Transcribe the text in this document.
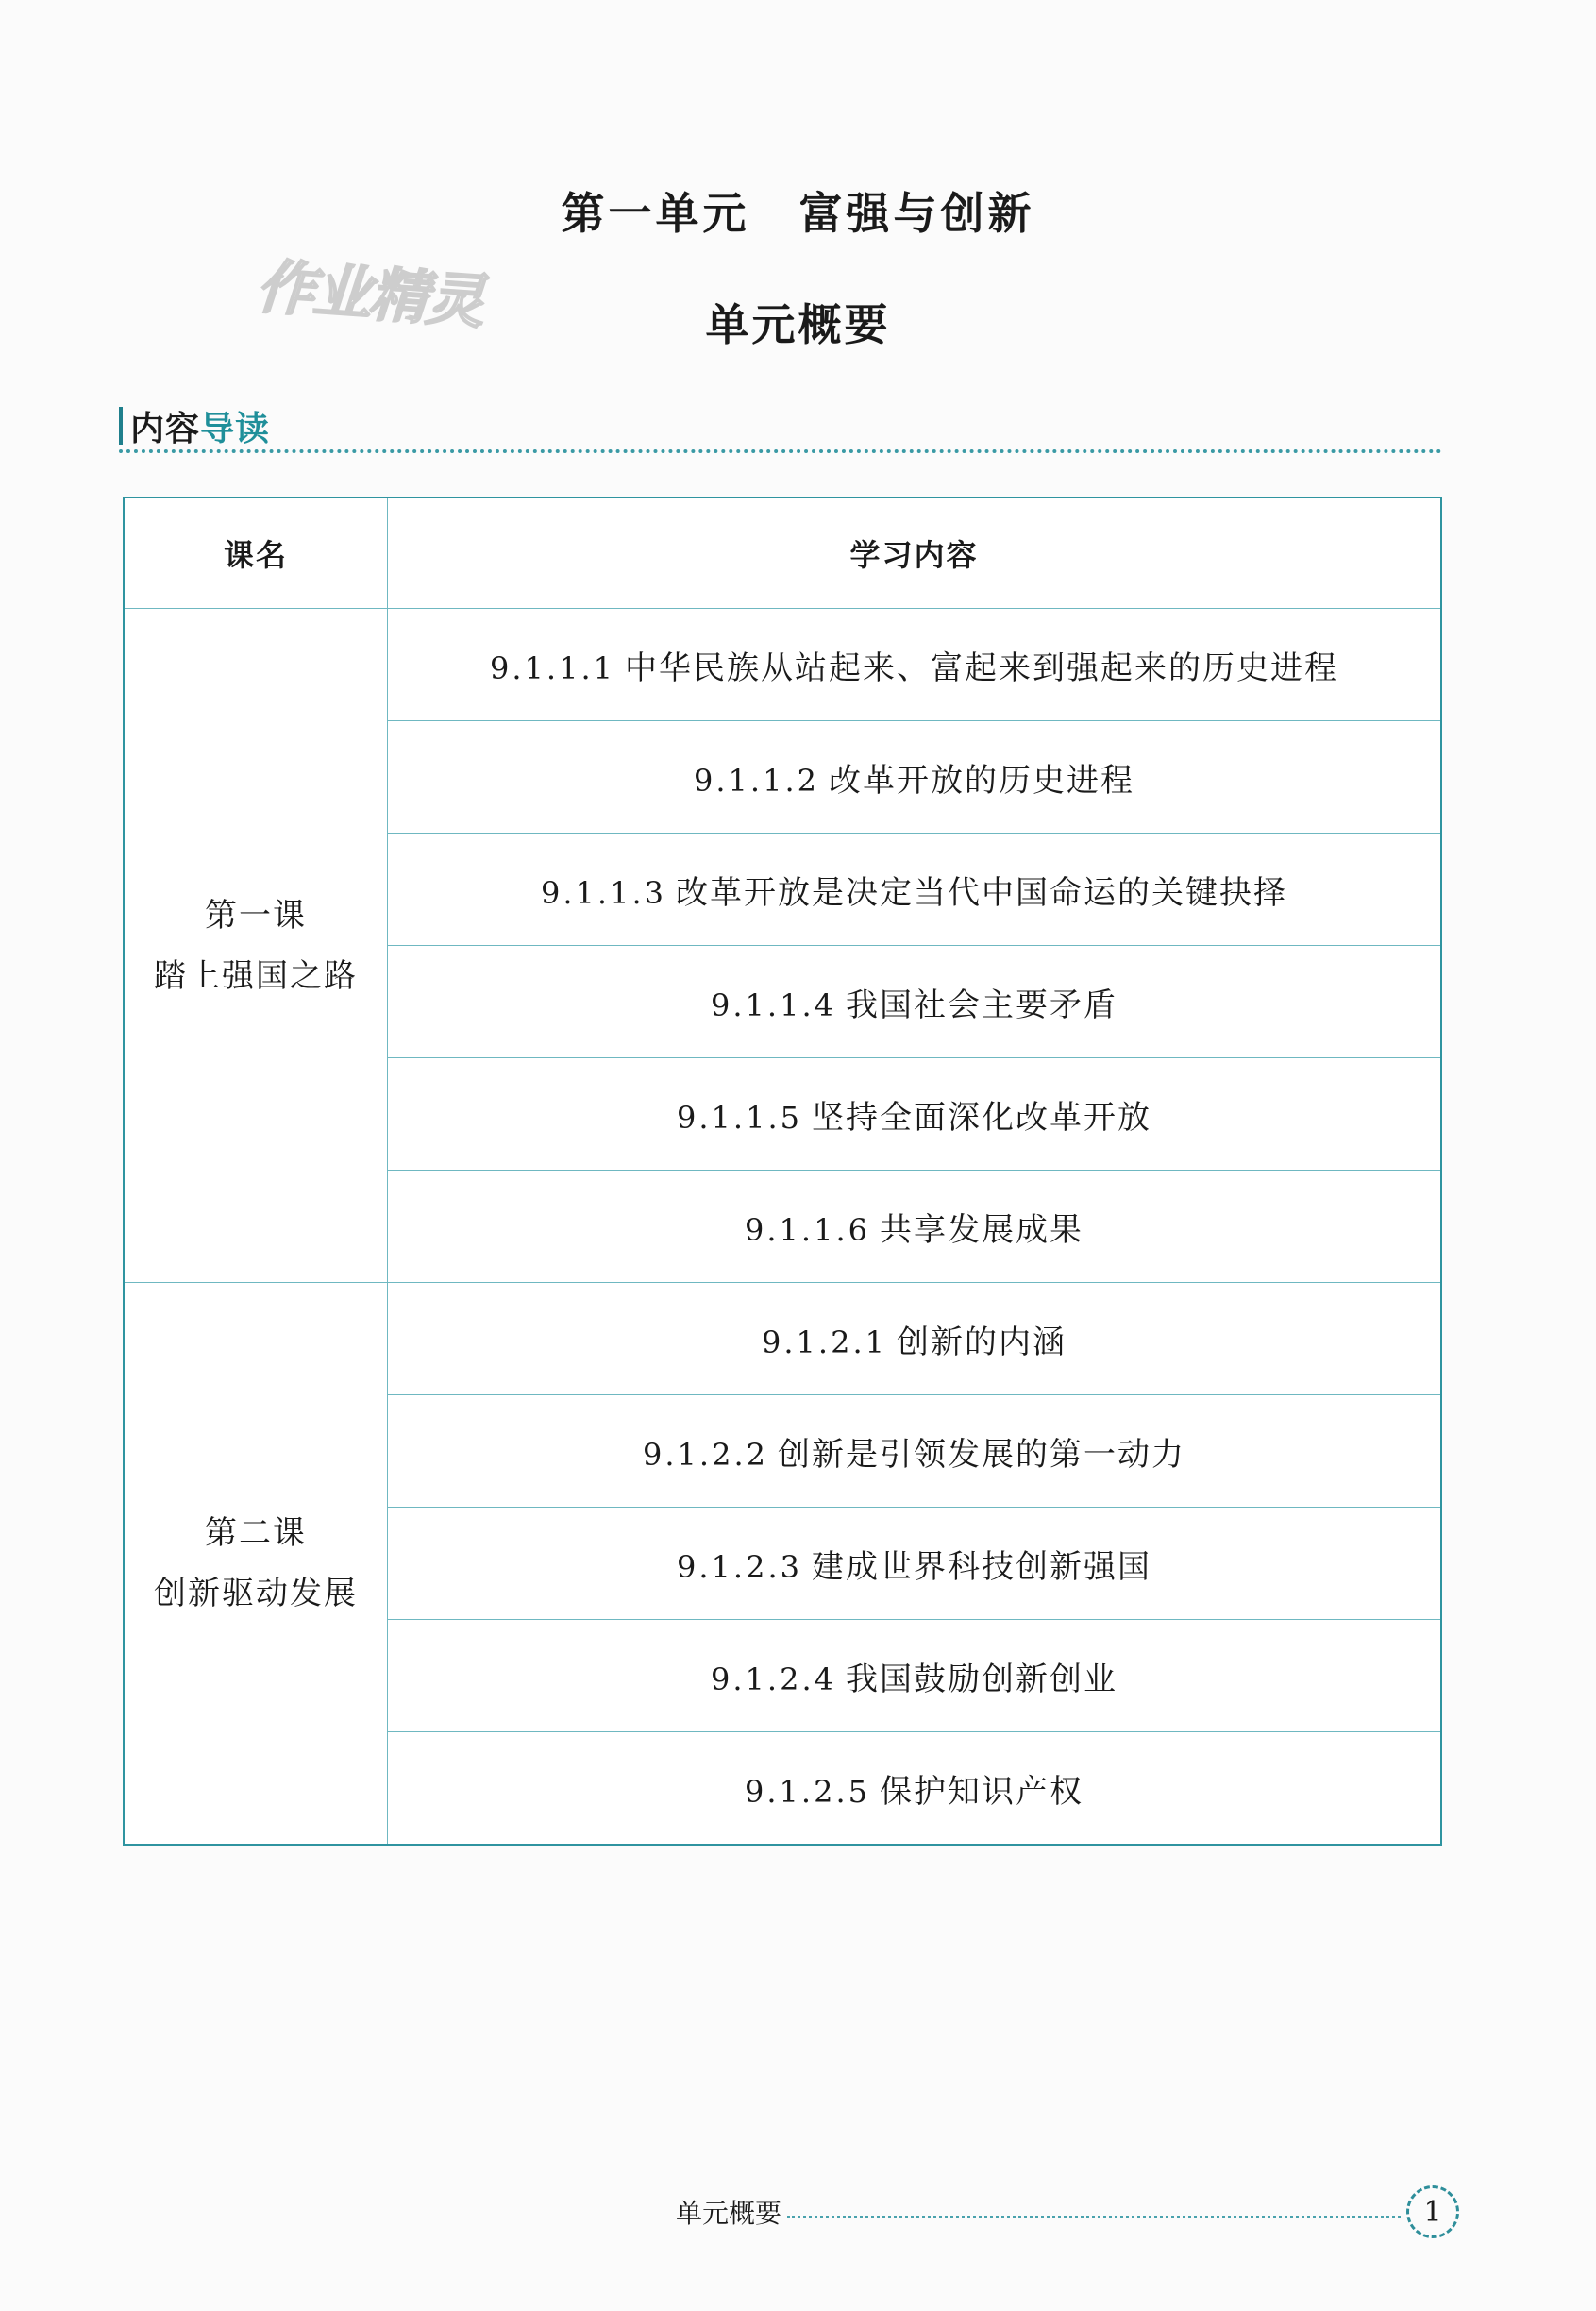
作业精灵
第一单元 富强与创新
单元概要
内容导读
课名	学习内容

第一课
踏上强国之路	9.1.1.1 中华民族从站起来、富起来到强起来的历史进程
	9.1.1.2 改革开放的历史进程
	9.1.1.3 改革开放是决定当代中国命运的关键抉择
	9.1.1.4 我国社会主要矛盾
	9.1.1.5 坚持全面深化改革开放
	9.1.1.6 共享发展成果

第二课
创新驱动发展	9.1.2.1 创新的内涵
	9.1.2.2 创新是引领发展的第一动力
	9.1.2.3 建成世界科技创新强国
	9.1.2.4 我国鼓励创新创业
	9.1.2.5 保护知识产权
单元概要	1
